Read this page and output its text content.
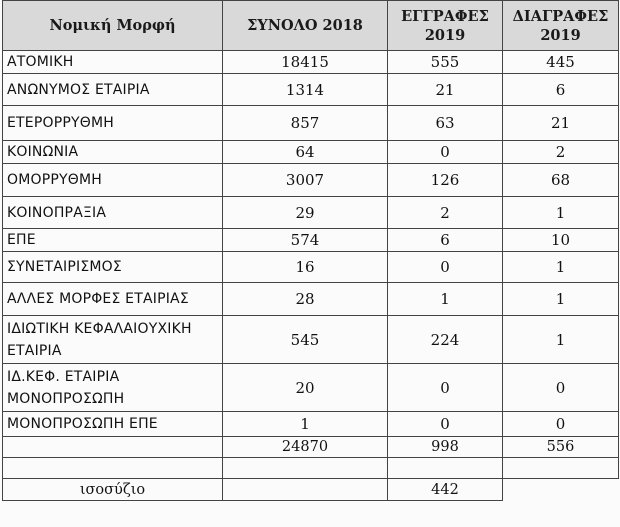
Νομική Μορφή	ΣΥΝΟΛΟ 2018	ΕΓΓΡΑΦΕΣ 2019	ΔΙΑΓΡΑΦΕΣ 2019
ΑΤΟΜΙΚΗ	18415	555	445
ΑΝΩΝΥΜΟΣ ΕΤΑΙΡΙΑ	1314	21	6
ΕΤΕΡΟΡΡΥΘΜΗ	857	63	21
ΚΟΙΝΩΝΙΑ	64	0	2
ΟΜΟΡΡΥΘΜΗ	3007	126	68
ΚΟΙΝΟΠΡΑΞΙΑ	29	2	1
ΕΠΕ	574	6	10
ΣΥΝΕΤΑΙΡΙΣΜΟΣ	16	0	1
ΑΛΛΕΣ ΜΟΡΦΕΣ ΕΤΑΙΡΙΑΣ	28	1	1
ΙΔΙΩΤΙΚΗ ΚΕΦΑΛΑΙΟΥΧΙΚΗ ΕΤΑΙΡΙΑ	545	224	1
ΙΔ.ΚΕΦ. ΕΤΑΙΡΙΑ ΜΟΝΟΠΡΟΣΩΠΗ	20	0	0
ΜΟΝΟΠΡΟΣΩΠΗ ΕΠΕ	1	0	0
	24870	998	556

ισοσύζιο		442	
